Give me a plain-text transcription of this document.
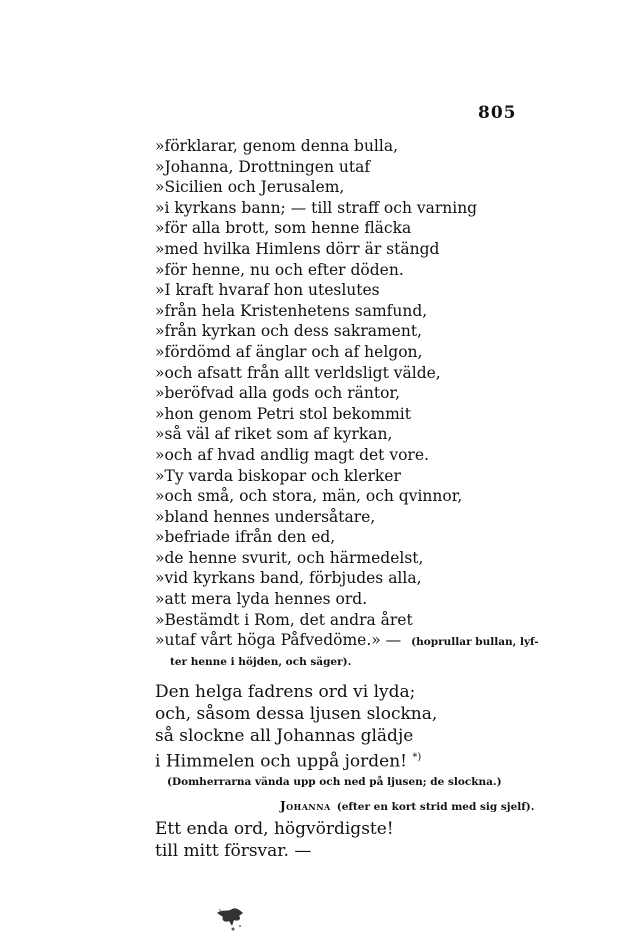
805
»förklarar, genom denna bulla,
»Johanna, Drottningen utaf
»Sicilien och Jerusalem,
»i kyrkans bann; — till straff och varning
»för alla brott, som henne fläcka
»med hvilka Himlens dörr är stängd
»för henne, nu och efter döden.
»I kraft hvaraf hon uteslutes
»från hela Kristenhetens samfund,
»från kyrkan och dess sakrament,
»fördömd af änglar och af helgon,
»och afsatt från allt verldsligt välde,
»beröfvad alla gods och räntor,
»hon genom Petri stol bekommit
»så väl af riket som af kyrkan,
»och af hvad andlig magt det vore.
»Ty varda biskopar och klerker
»och små, och stora, män, och qvinnor,
»bland hennes undersåtare,
»befriade ifrån den ed,
»de henne svurit, och härmedelst,
»vid kyrkans band, förbjudes alla,
»att mera lyda hennes ord.
»Bestämdt i Rom, det andra året
»utaf vårt höga Påfvedöme.» — (hoprullar bullan, lyf-
ter henne i höjden, och säger).
Den helga fadrens ord vi lyda;
och, såsom dessa ljusen slockna,
så slockne all Johannas glädje
i Himmelen och uppå jorden! *)
(Domherrarna vända upp och ned på ljusen; de slockna.)
Johanna (efter en kort strid med sig sjelf).
Ett enda ord, högvördigste!
till mitt försvar. —
